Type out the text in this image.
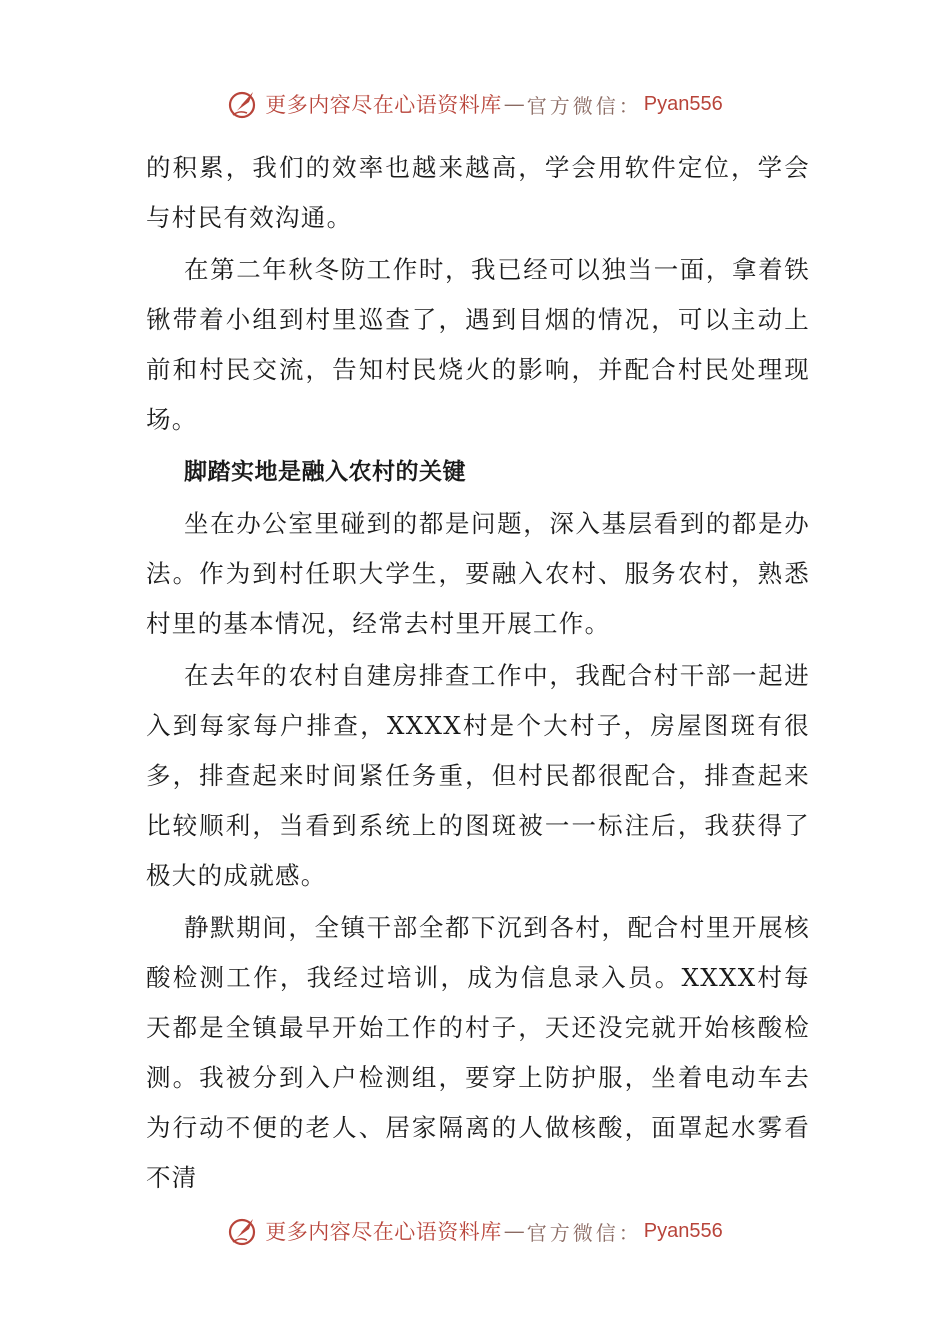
更多内容尽在心语资料库 — 官方微信： Pyan556

的积累，我们的效率也越来越高，学会用软件定位，学会与村民有效沟通。

在第二年秋冬防工作时，我已经可以独当一面，拿着铁锹带着小组到村里巡查了，遇到目烟的情况，可以主动上前和村民交流，告知村民烧火的影响，并配合村民处理现场。

脚踏实地是融入农村的关键

坐在办公室里碰到的都是问题，深入基层看到的都是办法。作为到村任职大学生，要融入农村、服务农村，熟悉村里的基本情况，经常去村里开展工作。

在去年的农村自建房排查工作中，我配合村干部一起进入到每家每户排查，XXXX村是个大村子，房屋图斑有很多，排查起来时间紧任务重，但村民都很配合，排查起来比较顺利，当看到系统上的图斑被一一标注后，我获得了极大的成就感。

静默期间，全镇干部全都下沉到各村，配合村里开展核酸检测工作，我经过培训，成为信息录入员。XXXX村每天都是全镇最早开始工作的村子，天还没完就开始核酸检测。我被分到入户检测组，要穿上防护服，坐着电动车去为行动不便的老人、居家隔离的人做核酸，面罩起水雾看不清

更多内容尽在心语资料库 — 官方微信： Pyan556
